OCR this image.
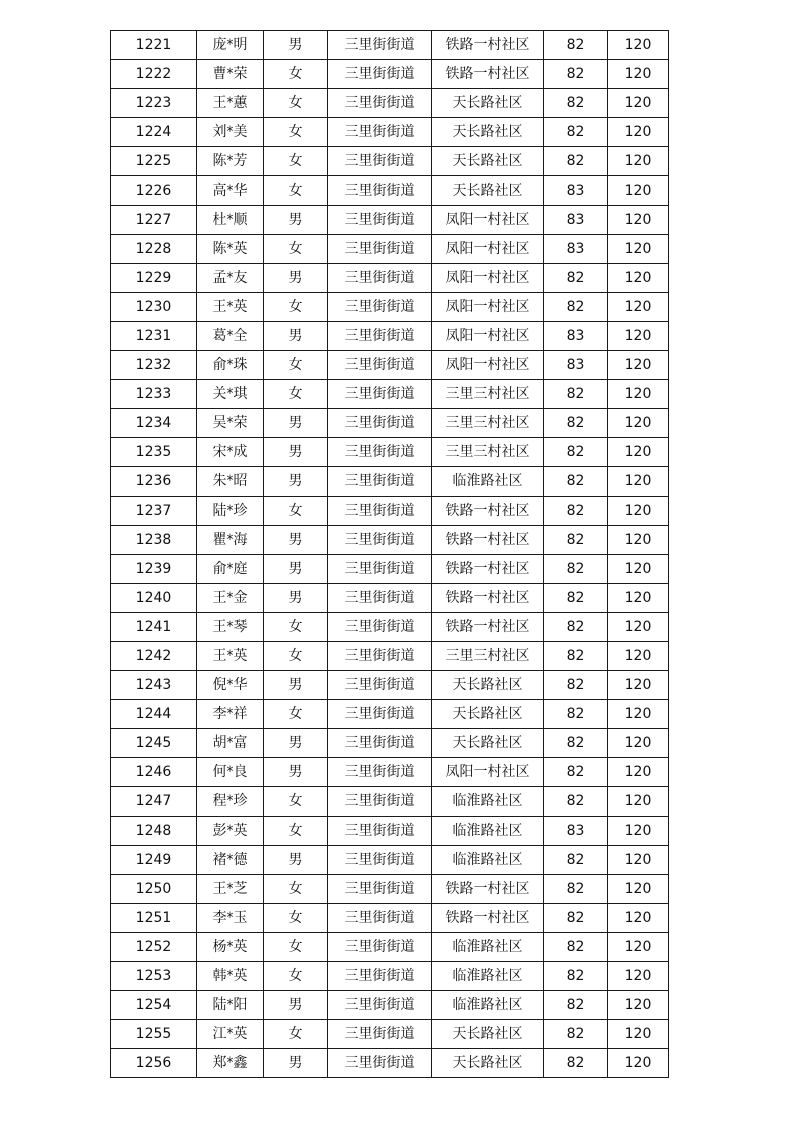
1221	庞*明	男	三里街街道	铁路一村社区	82	120
1222	曹*荣	女	三里街街道	铁路一村社区	82	120
1223	王*蕙	女	三里街街道	天长路社区	82	120
1224	刘*美	女	三里街街道	天长路社区	82	120
1225	陈*芳	女	三里街街道	天长路社区	82	120
1226	高*华	女	三里街街道	天长路社区	83	120
1227	杜*顺	男	三里街街道	凤阳一村社区	83	120
1228	陈*英	女	三里街街道	凤阳一村社区	83	120
1229	孟*友	男	三里街街道	凤阳一村社区	82	120
1230	王*英	女	三里街街道	凤阳一村社区	82	120
1231	葛*全	男	三里街街道	凤阳一村社区	83	120
1232	俞*珠	女	三里街街道	凤阳一村社区	83	120
1233	关*琪	女	三里街街道	三里三村社区	82	120
1234	吴*荣	男	三里街街道	三里三村社区	82	120
1235	宋*成	男	三里街街道	三里三村社区	82	120
1236	朱*昭	男	三里街街道	临淮路社区	82	120
1237	陆*珍	女	三里街街道	铁路一村社区	82	120
1238	瞿*海	男	三里街街道	铁路一村社区	82	120
1239	俞*庭	男	三里街街道	铁路一村社区	82	120
1240	王*金	男	三里街街道	铁路一村社区	82	120
1241	王*琴	女	三里街街道	铁路一村社区	82	120
1242	王*英	女	三里街街道	三里三村社区	82	120
1243	倪*华	男	三里街街道	天长路社区	82	120
1244	李*祥	女	三里街街道	天长路社区	82	120
1245	胡*富	男	三里街街道	天长路社区	82	120
1246	何*良	男	三里街街道	凤阳一村社区	82	120
1247	程*珍	女	三里街街道	临淮路社区	82	120
1248	彭*英	女	三里街街道	临淮路社区	83	120
1249	褚*德	男	三里街街道	临淮路社区	82	120
1250	王*芝	女	三里街街道	铁路一村社区	82	120
1251	李*玉	女	三里街街道	铁路一村社区	82	120
1252	杨*英	女	三里街街道	临淮路社区	82	120
1253	韩*英	女	三里街街道	临淮路社区	82	120
1254	陆*阳	男	三里街街道	临淮路社区	82	120
1255	江*英	女	三里街街道	天长路社区	82	120
1256	郑*鑫	男	三里街街道	天长路社区	82	120
